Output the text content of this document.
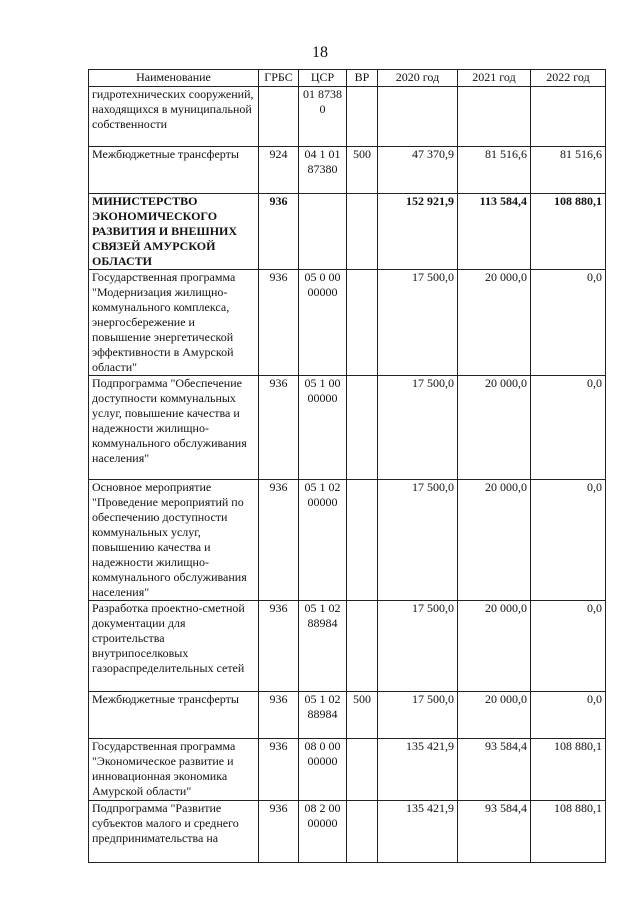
18
Наименование	ГРБС	ЦСР	ВР	2020 год	2021 год	2022 год
гидротехнических сооружений, находящихся в муниципальной собственности		01 87380				
Межбюджетные трансферты	924	04 1 01 87380	500	47 370,9	81 516,6	81 516,6
МИНИСТЕРСТВО ЭКОНОМИЧЕСКОГО РАЗВИТИЯ И ВНЕШНИХ СВЯЗЕЙ АМУРСКОЙ ОБЛАСТИ	936			152 921,9	113 584,4	108 880,1
Государственная программа "Модернизация жилищно-коммунального комплекса, энергосбережение и повышение энергетической эффективности в Амурской области"	936	05 0 00 00000		17 500,0	20 000,0	0,0
Подпрограмма "Обеспечение доступности коммунальных услуг, повышение качества и надежности жилищно-коммунального обслуживания населения"	936	05 1 00 00000		17 500,0	20 000,0	0,0
Основное мероприятие "Проведение мероприятий по обеспечению доступности коммунальных услуг, повышению качества и надежности жилищно-коммунального обслуживания населения"	936	05 1 02 00000		17 500,0	20 000,0	0,0
Разработка проектно-сметной документации для строительства внутрипоселковых газораспределительных сетей	936	05 1 02 88984		17 500,0	20 000,0	0,0
Межбюджетные трансферты	936	05 1 02 88984	500	17 500,0	20 000,0	0,0
Государственная программа "Экономическое развитие и инновационная экономика Амурской области"	936	08 0 00 00000		135 421,9	93 584,4	108 880,1
Подпрограмма "Развитие субъектов малого и среднего предпринимательства на	936	08 2 00 00000		135 421,9	93 584,4	108 880,1
